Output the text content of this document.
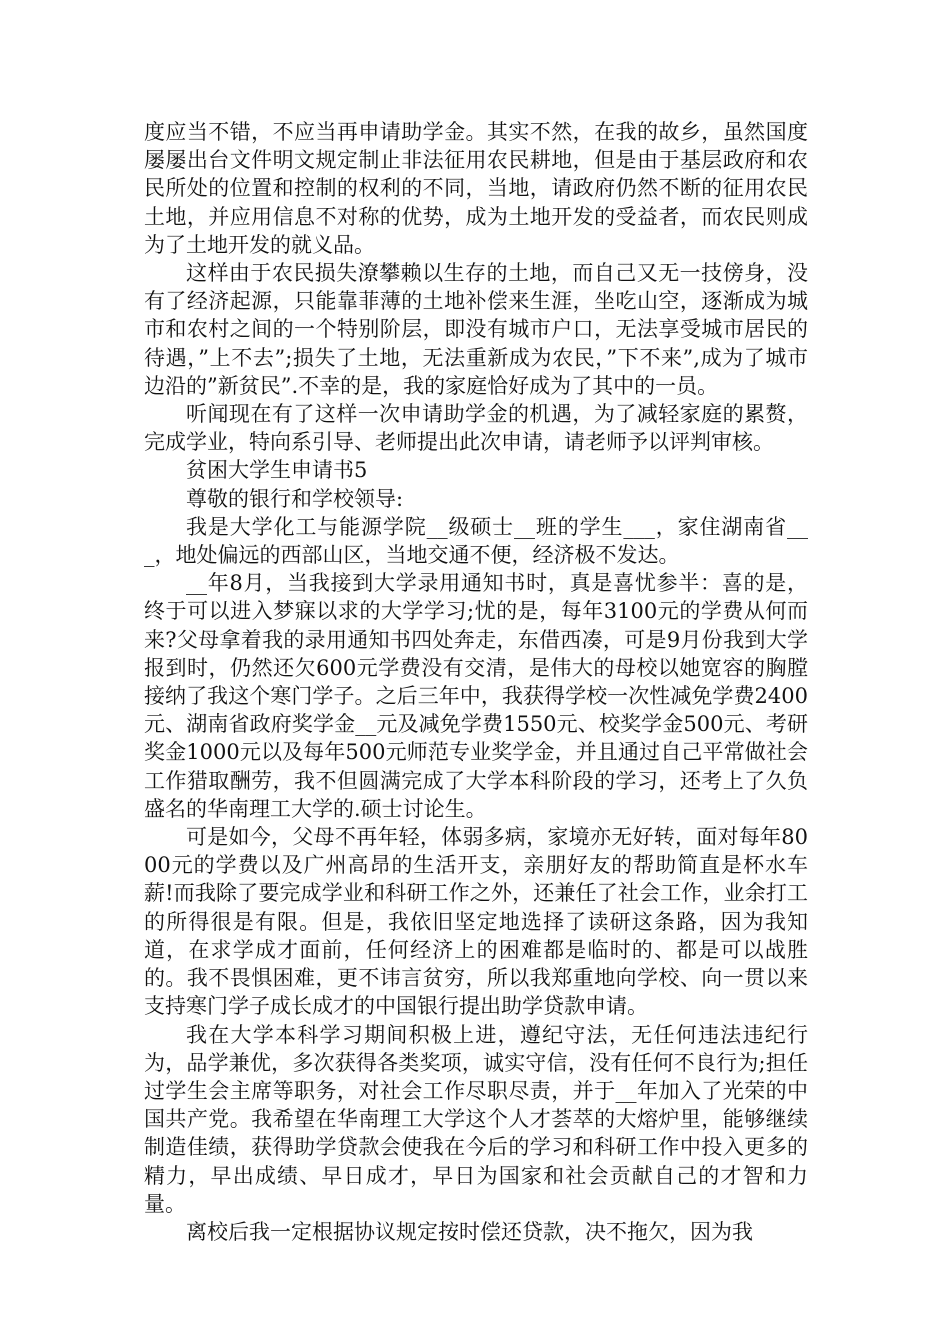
度应当不错，不应当再申请助学金。其实不然，在我的故乡，虽然国度屡屡出台文件明文规定制止非法征用农民耕地，但是由于基层政府和农民所处的位置和控制的权利的不同，当地，请政府仍然不断的征用农民土地，并应用信息不对称的优势，成为土地开发的受益者，而农民则成为了土地开发的就义品。

这样由于农民损失潦攀赖以生存的土地，而自己又无一技傍身，没有了经济起源，只能靠菲薄的土地补偿来生涯，坐吃山空，逐渐成为城市和农村之间的一个特别阶层，即没有城市户口，无法享受城市居民的待遇，”上不去”;损失了土地，无法重新成为农民，”下不来”,成为了城市边沿的”新贫民”.不幸的是，我的家庭恰好成为了其中的一员。

听闻现在有了这样一次申请助学金的机遇，为了减轻家庭的累赘，完成学业，特向系引导、老师提出此次申请，请老师予以评判审核。

贫困大学生申请书5

尊敬的银行和学校领导:

我是大学化工与能源学院__级硕士__班的学生___，家住湖南省___，地处偏远的西部山区，当地交通不便，经济极不发达。

__年8月，当我接到大学录用通知书时，真是喜忧参半：喜的是，终于可以进入梦寐以求的大学学习;忧的是，每年3100元的学费从何而来?父母拿着我的录用通知书四处奔走，东借西凑，可是9月份我到大学报到时，仍然还欠600元学费没有交清，是伟大的母校以她宽容的胸膛接纳了我这个寒门学子。之后三年中，我获得学校一次性减免学费2400元、湖南省政府奖学金__元及减免学费1550元、校奖学金500元、考研奖金1000元以及每年500元师范专业奖学金，并且通过自己平常做社会工作猎取酬劳，我不但圆满完成了大学本科阶段的学习，还考上了久负盛名的华南理工大学的.硕士讨论生。

可是如今，父母不再年轻，体弱多病，家境亦无好转，面对每年8000元的学费以及广州高昂的生活开支，亲朋好友的帮助简直是杯水车薪!而我除了要完成学业和科研工作之外，还兼任了社会工作，业余打工的所得很是有限。但是，我依旧坚定地选择了读研这条路，因为我知道，在求学成才面前，任何经济上的困难都是临时的、都是可以战胜的。我不畏惧困难，更不讳言贫穷，所以我郑重地向学校、向一贯以来支持寒门学子成长成才的中国银行提出助学贷款申请。

我在大学本科学习期间积极上进，遵纪守法，无任何违法违纪行为，品学兼优，多次获得各类奖项，诚实守信，没有任何不良行为;担任过学生会主席等职务，对社会工作尽职尽责，并于__年加入了光荣的中国共产党。我希望在华南理工大学这个人才荟萃的大熔炉里，能够继续制造佳绩，获得助学贷款会使我在今后的学习和科研工作中投入更多的精力，早出成绩、早日成才，早日为国家和社会贡献自己的才智和力量。

离校后我一定根据协议规定按时偿还贷款，决不拖欠，因为我
